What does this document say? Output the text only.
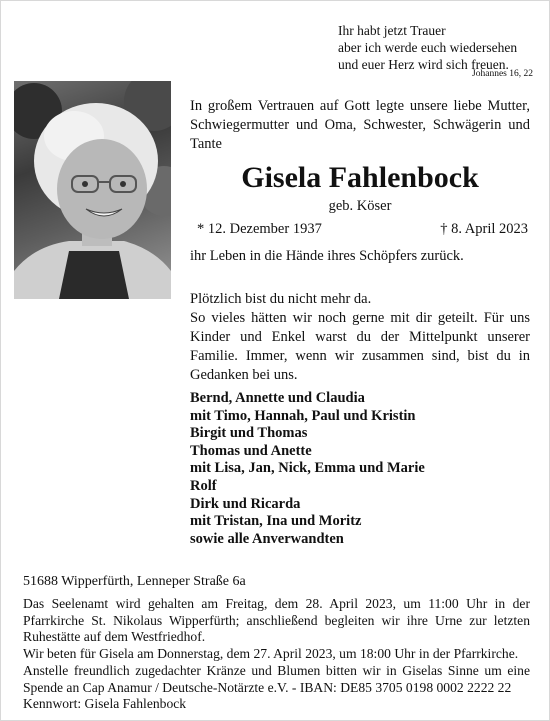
Ihr habt jetzt Trauer
aber ich werde euch wiedersehen
und euer Herz wird sich freuen.
Johannes 16, 22
In großem Vertrauen auf Gott legte unsere liebe Mutter, Schwiegermutter und Oma, Schwester, Schwägerin und Tante
Gisela Fahlenbock
geb. Köser
* 12. Dezember 1937	† 8. April 2023
ihr Leben in die Hände ihres Schöpfers zurück.
Plötzlich bist du nicht mehr da.
So vieles hätten wir noch gerne mit dir geteilt. Für uns Kinder und Enkel warst du der Mittelpunkt unserer Familie. Immer, wenn wir zusammen sind, bist du in Gedanken bei uns.
Bernd, Annette und Claudia
mit Timo, Hannah, Paul und Kristin
Birgit und Thomas
Thomas und Anette
mit Lisa, Jan, Nick, Emma und Marie
Rolf
Dirk und Ricarda
mit Tristan, Ina und Moritz
sowie alle Anverwandten
51688 Wipperfürth, Lenneper Straße 6a

Das Seelenamt wird gehalten am Freitag, dem 28. April 2023, um 11:00 Uhr in der Pfarrkirche St. Nikolaus Wipperfürth; anschließend begleiten wir ihre Urne zur letzten Ruhestätte auf dem Westfriedhof.

Wir beten für Gisela am Donnerstag, dem 27. April 2023, um 18:00 Uhr in der Pfarrkirche.

Anstelle freundlich zugedachter Kränze und Blumen bitten wir in Giselas Sinne um eine Spende an Cap Anamur / Deutsche-Notärzte e.V. - IBAN: DE85 3705 0198 0002 2222 22

Kennwort: Gisela Fahlenbock
